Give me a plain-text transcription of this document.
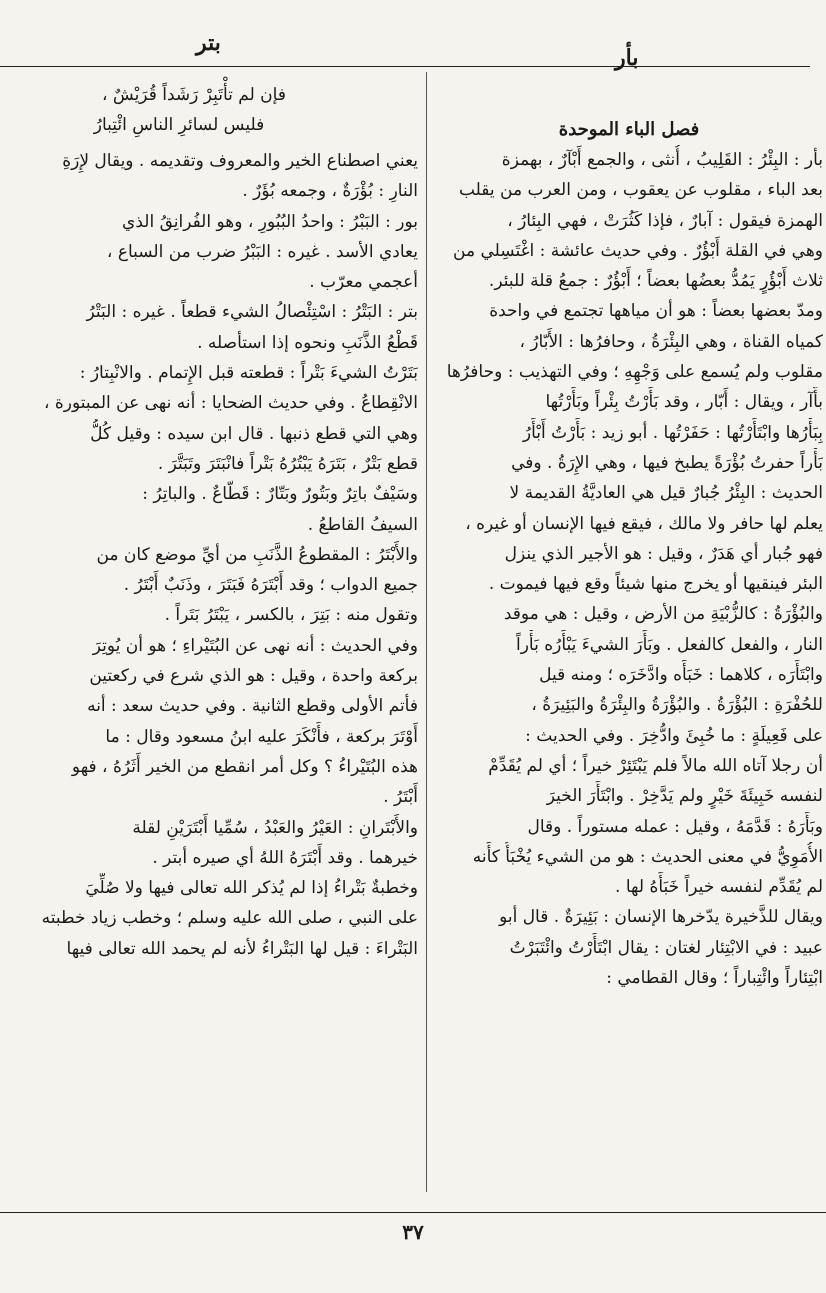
بتر
بأر
فصل الباء الموحدة
بأر : البِئْرُ : القَلِيبُ ، أُنثى ، والجمع أَبْآرٌ ، بهمزة
بعد الباء ، مقلوب عن يعقوب ، ومن العرب من يقلب
الهمزة فيقول : آبارٌ ، فإذا كَثُرَتْ ، فهي البِئارُ ،
وهي في القلة أَبْؤُرٌ . وفي حديث عائشة : اغْتَسِلي من
ثلاث أَبْؤُرٍ يَمُدُّ بعضُها بعضاً ؛ أَبْؤُرٌ : جمعُ قلة للبئر.
ومدّ بعضها بعضاً : هو أن مياهها تجتمع في واحدة
كمياه القناة ، وهي البِئْرَةُ ، وحافرُها : الأَبّارُ ،
مقلوب ولم يُسمع على وَجْهِهِ ؛ وفي التهذيب : وحافرُها
بأّآر ، ويقال : أَبّار ، وقد بَأَرْتُ بِئْراً وبَأَرْتُها
بِبَأْرُها وابْتَأَرْتُها : حَفَرْتُها . أبو زيد : بَأَرْتُ أَبْأَرُ
بَأْراً حفرتُ بُؤْرَةً يطبخ فيها ، وهي الإِرَةُ . وفي
الحديث : البِئْرُ جُبارٌ قيل هي العاديَّةُ القديمة لا
يعلم لها حافر ولا مالك ، فيقع فيها الإنسان أو غيره ،
فهو جُبار أي هَدَرٌ ، وقيل : هو الأجير الذي ينزل
البئر فينقيها أو يخرج منها شيئاً وقع فيها فيموت .
والبُؤْرَةُ : كالزُّبْيَةِ من الأرض ، وقيل : هي موقد
النار ، والفعل كالفعل . وبَأَرَ الشيءَ يَبْأَرُه بَأْراً
وابْتَأَرَه ، كلاهما : خَبَأَه وادَّخَرَه ؛ ومنه قيل
للحُفْرَةِ : البُؤْرَةُ . والبُؤْرَةُ والبِئْرَةُ والبَئِيرَةُ ،
على فَعِيلَةٍ : ما خُبِئَ وادُّخِرَ . وفي الحديث :
أن رجلا آتاه الله مالاً فلم يَبْتَئِرْ خيراً ؛ أي لم يُقَدِّمْ
لنفسه خَبِيئَةَ خَيْرٍ ولم يَدَّخِرْ . وابْتَأَرَ الخيرَ
وبَأَرَهُ : قَدَّمَهُ ، وقيل : عمله مستوراً . وقال
الأُمَوِيُّ في معنى الحديث : هو من الشيء يُخْبَأُ كأَنه
لم يُقَدِّم لنفسه خيراً خَبَأَهُ لها .
ويقال للذَّخيرة يدّخرها الإنسان : بَئِيرَةٌ . قال أبو
عبيد : في الابْتِئار لغتان : يقال ابْتَأَرْتُ وائْتَبَرْتُ
ابْتِئاراً وائْتِباراً ؛ وقال القطامي :
فإن لم تأْتَبِرْ رَشَداً قُرَيْشٌ ،
فليس لسائرِ الناسِ ائْتِبارُ
يعني اصطناع الخير والمعروف وتقديمه . ويقال لإِرَةِ
النارِ : بُؤْرَةٌ ، وجمعه بُؤَرٌ .
بور : البَبْرُ : واحدُ البُبُورِ ، وهو الفُرانِقُ الذي
يعادي الأسد . غيره : البَبْرُ ضرب من السباع ،
أعجمي معرّب .
بتر : البَتْرُ : اسْتِئْصالُ الشيء قطعاً . غيره : البَتْرُ
قَطْعُ الذَّنَبِ ونحوه إذا استأصله .
بَتَرْتُ الشيءَ بَتْراً : قطعته قبل الإِتمام . والانْبِتارُ :
الانْقِطاعُ . وفي حديث الضحايا : أنه نهى عن المبتورة ،
وهي التي قطع ذنبها . قال ابن سيده : وقيل كُلُّ
قطع بَتْرٌ ، بَتَرَهُ يَبْتُرُهُ بَتْراً فانْبَتَرَ وتَبَتَّرَ .
وسَيْفٌ باتِرٌ وبَتُورٌ وبَتّارٌ : قَطّاعٌ . والباتِرُ :
السيفُ القاطعُ .
والأَبْتَرُ : المقطوعُ الذَّنَبِ من أيِّ موضع كان من
جميع الدواب ؛ وقد أَبْتَرَهُ فَبَتَرَ ، وذَنَبٌ أَبْتَرُ .
وتقول منه : بَتِرَ ، بالكسر ، يَبْتَرُ بَتَراً .
وفي الحديث : أنه نهى عن البُتَيْراءِ ؛ هو أن يُوتِرَ
بركعة واحدة ، وقيل : هو الذي شرع في ركعتين
فأتم الأولى وقطع الثانية . وفي حديث سعد : أنه
أَوْتَرَ بركعة ، فأَنْكَرَ عليه ابنُ مسعود وقال : ما
هذه البُتَيْراءُ ؟ وكل أمر انقطع من الخير أَثَرُهُ ، فهو
أَبْتَرُ .
والأَبْتَرانِ : العَيْرُ والعَبْدُ ، سُمِّيا أَبْتَرَيْنِ لقلة
خيرهما . وقد أَبْتَرَهُ اللهُ أي صيره أبتر .
وخطبةٌ بَتْراءُ إذا لم يُذكر الله تعالى فيها ولا صُلِّيَ
على النبي ، صلى الله عليه وسلم ؛ وخطب زياد خطبته
البَتْراءَ : قيل لها البَتْراءُ لأنه لم يحمد الله تعالى فيها
٣٧
